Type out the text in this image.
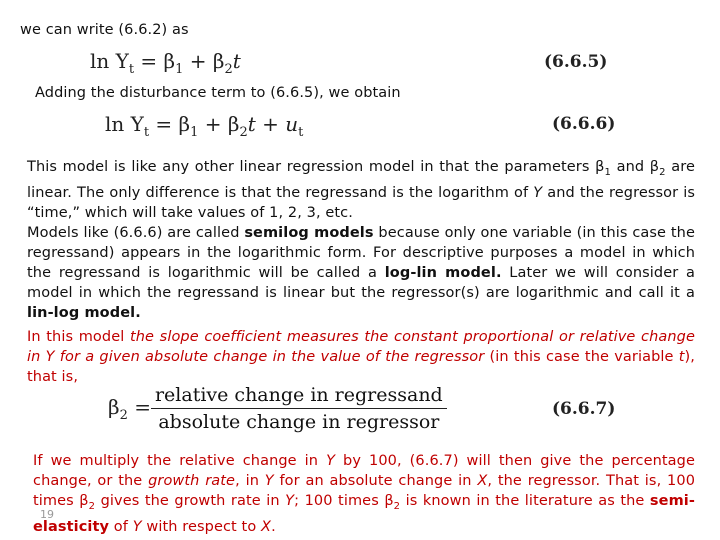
we can write (6.6.2) as
$\ln Y_t = \beta_1 + \beta_2t$	(6.6.5)
Adding the disturbance term to (6.6.5), we obtain
$\ln Y_t = \beta_1 + \beta_2t + u_t$	(6.6.6)
This model is like any other linear regression model in that the parameters $\beta_1$ and $\beta_2$ are linear. The only difference is that the regressand is the logarithm of Y and the regressor is “time,” which will take values of 1, 2, 3, etc.
Models like (6.6.6) are called semilog models because only one variable (in this case the regressand) appears in the logarithmic form. For descriptive purposes a model in which the regressand is logarithmic will be called a log-lin model. Later we will consider a model in which the regressand is linear but the regressor(s) are logarithmic and call it a lin-log model.
In this model the slope coefficient measures the constant proportional or relative change in Y for a given absolute change in the value of the regressor (in this case the variable t), that is,
$\beta_2 = \frac{\text{relative change in regressand}}{\text{absolute change in regressor}}$	(6.6.7)
If we multiply the relative change in Y by 100, (6.6.7) will then give the percentage change, or the growth rate, in Y for an absolute change in X, the regressor. That is, 100 times $\beta_2$ gives the growth rate in Y; 100 times $\beta_2$ is known in the literature as the semi-elasticity of Y with respect to X.
19
